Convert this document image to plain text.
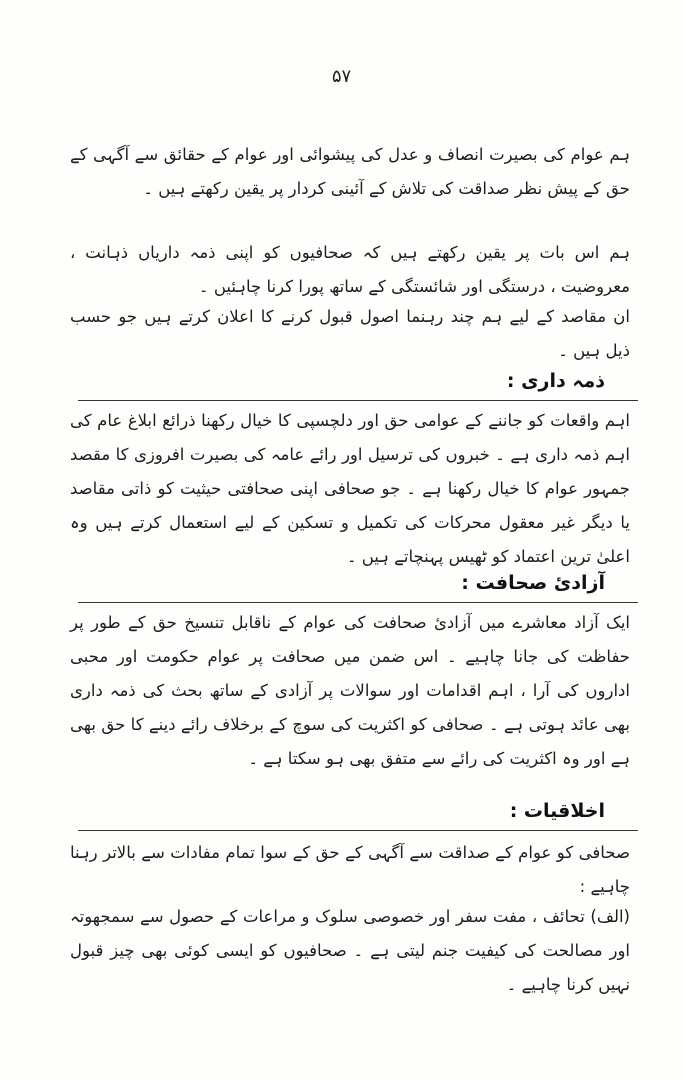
۵۷

ہم عوام کی بصیرت انصاف و عدل کی پیشوائی اور عوام کے حقائق سے آگہی کے حق کے پیش نظر صداقت کی تلاش کے آئینی کردار پر یقین رکھتے ہیں ۔

ہم اس بات پر یقین رکھتے ہیں کہ صحافیوں کو اپنی ذمہ داریاں ذہانت ، معروضیت ، درستگی اور شائستگی کے ساتھ پورا کرنا چاہئیں ۔

ان مقاصد کے لیے ہم چند رہنما اصول قبول کرنے کا اعلان کرتے ہیں جو حسب ذیل ہیں ۔

ذمہ داری :

اہم واقعات کو جاننے کے عوامی حق اور دلچسپی کا خیال رکھنا ذرائع ابلاغ عام کی اہم ذمہ داری ہے ۔ خبروں کی ترسیل اور رائے عامہ کی بصیرت افروزی کا مقصد جمہور عوام کا خیال رکھنا ہے ۔ جو صحافی اپنی صحافتی حیثیت کو ذاتی مقاصد یا دیگر غیر معقول محرکات کی تکمیل و تسکین کے لیے استعمال کرتے ہیں وہ اعلیٰ ترین اعتماد کو ٹھیس پہنچاتے ہیں ۔

آزادیٔ صحافت :

ایک آزاد معاشرے میں آزادیٔ صحافت کی عوام کے ناقابل تنسیخ حق کے طور پر حفاظت کی جانا چاہیے ۔ اس ضمن میں صحافت پر عوام حکومت اور محبی اداروں کی آرا ، اہم اقدامات اور سوالات پر آزادی کے ساتھ بحث کی ذمہ داری بھی عائد ہوتی ہے ۔ صحافی کو اکثریت کی سوچ کے برخلاف رائے دینے کا حق بھی ہے اور وہ اکثریت کی رائے سے متفق بھی ہو سکتا ہے ۔

اخلاقیات :

صحافی کو عوام کے صداقت سے آگہی کے حق کے سوا تمام مفادات سے بالاتر رہنا چاہیے :

(الف) تحائف ، مفت سفر اور خصوصی سلوک و مراعات کے حصول سے سمجھوتہ اور مصالحت کی کیفیت جنم لیتی ہے ۔ صحافیوں کو ایسی کوئی بھی چیز قبول نہیں کرنا چاہیے ۔
